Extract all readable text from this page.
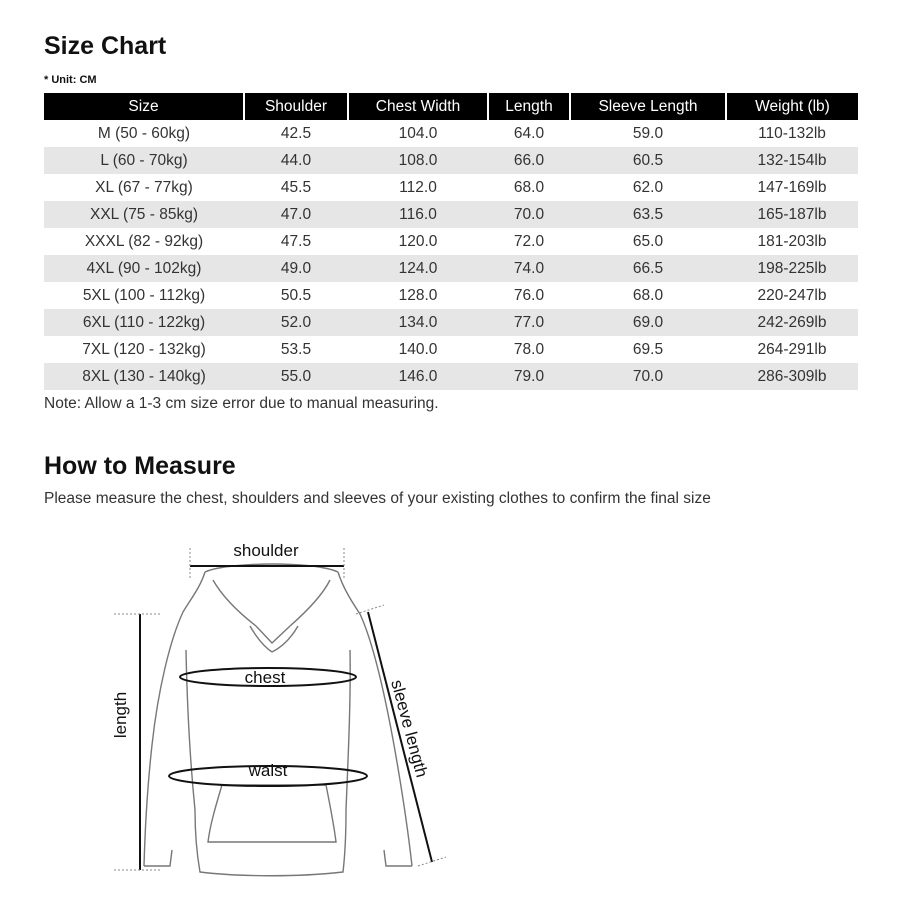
Size Chart
* Unit: CM
Size	Shoulder	Chest Width	Length	Sleeve Length	Weight (lb)
M (50 - 60kg)	42.5	104.0	64.0	59.0	110-132lb
L (60 - 70kg)	44.0	108.0	66.0	60.5	132-154lb
XL (67 - 77kg)	45.5	112.0	68.0	62.0	147-169lb
XXL (75 - 85kg)	47.0	116.0	70.0	63.5	165-187lb
XXXL (82 - 92kg)	47.5	120.0	72.0	65.0	181-203lb
4XL (90 - 102kg)	49.0	124.0	74.0	66.5	198-225lb
5XL (100 - 112kg)	50.5	128.0	76.0	68.0	220-247lb
6XL (110 - 122kg)	52.0	134.0	77.0	69.0	242-269lb
7XL (120 - 132kg)	53.5	140.0	78.0	69.5	264-291lb
8XL (130 - 140kg)	55.0	146.0	79.0	70.0	286-309lb
Note: Allow a 1-3 cm size error due to manual measuring.
How to Measure
Please measure the chest, shoulders and sleeves of your existing clothes to confirm the final size
shoulder
chest
waist
length	sleeve length
